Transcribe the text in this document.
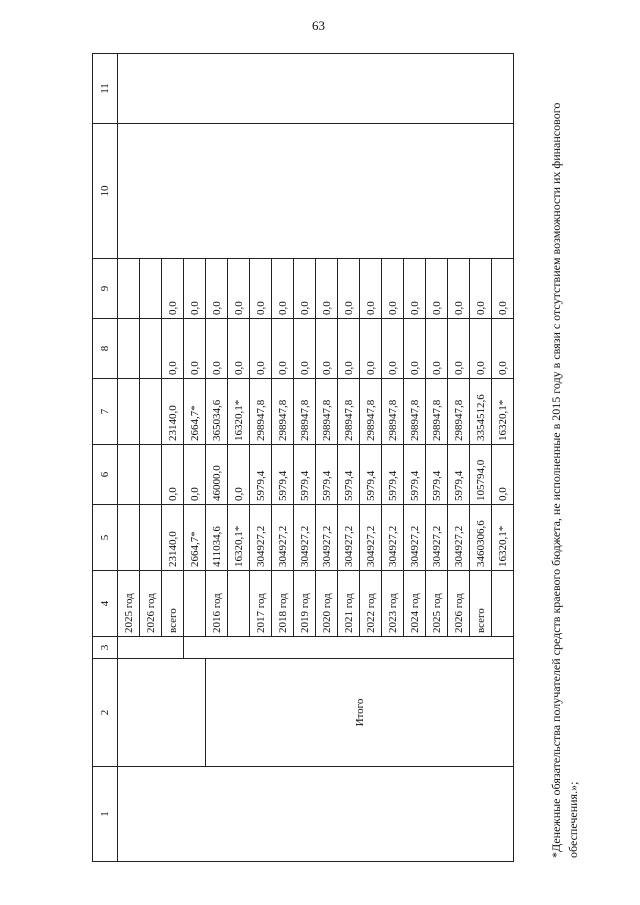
63
1	2	3	4	5	6	7	8	9	10	11
			2025 год							
			2026 год							
			всего	23140,0	0,0	23140,0	0,0	0,0		
				2664,7*	0,0	2664,7*	0,0	0,0		
	Итого		2016 год	411034,6	46000,0	365034,6	0,0	0,0		
				16320,1*	0,0	16320,1*	0,0	0,0		
			2017 год	304927,2	5979,4	298947,8	0,0	0,0		
			2018 год	304927,2	5979,4	298947,8	0,0	0,0		
			2019 год	304927,2	5979,4	298947,8	0,0	0,0		
			2020 год	304927,2	5979,4	298947,8	0,0	0,0		
			2021 год	304927,2	5979,4	298947,8	0,0	0,0		
			2022 год	304927,2	5979,4	298947,8	0,0	0,0		
			2023 год	304927,2	5979,4	298947,8	0,0	0,0		
			2024 год	304927,2	5979,4	298947,8	0,0	0,0		
			2025 год	304927,2	5979,4	298947,8	0,0	0,0		
			2026 год	304927,2	5979,4	298947,8	0,0	0,0		
			всего	3460306,6	105794,0	3354512,6	0,0	0,0		
				16320,1*	0,0	16320,1*	0,0	0,0			*Денежные обязательства получателей средств краевого бюджета, не исполненные в 2015 году в связи с отсутствием возможности их финансового обеспечения.»;
